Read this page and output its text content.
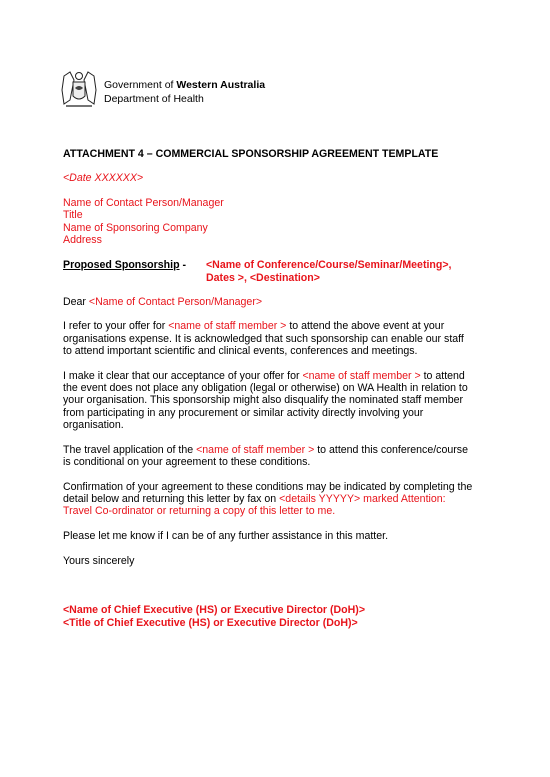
Government of Western Australia
Department of Health
ATTACHMENT 4 – COMMERCIAL SPONSORSHIP AGREEMENT TEMPLATE
<Date XXXXXX>
Name of Contact Person/Manager
Title
Name of Sponsoring Company
Address
Proposed Sponsorship - <Name of Conference/Course/Seminar/Meeting>,
Dates >, <Destination>
Dear <Name of Contact Person/Manager>
I refer to your offer for <name of staff member > to attend the above event at your
organisations expense. It is acknowledged that such sponsorship can enable our staff
to attend important scientific and clinical events, conferences and meetings.
I make it clear that our acceptance of your offer for <name of staff member > to attend
the event does not place any obligation (legal or otherwise) on WA Health in relation to
your organisation. This sponsorship might also disqualify the nominated staff member
from participating in any procurement or similar activity directly involving your
organisation.
The travel application of the <name of staff member > to attend this conference/course
is conditional on your agreement to these conditions.
Confirmation of your agreement to these conditions may be indicated by completing the
detail below and returning this letter by fax on <details YYYYY> marked Attention:
Travel Co-ordinator or returning a copy of this letter to me.
Please let me know if I can be of any further assistance in this matter.
Yours sincerely
<Name of Chief Executive (HS) or Executive Director (DoH)>
<Title of Chief Executive (HS) or Executive Director (DoH)>
